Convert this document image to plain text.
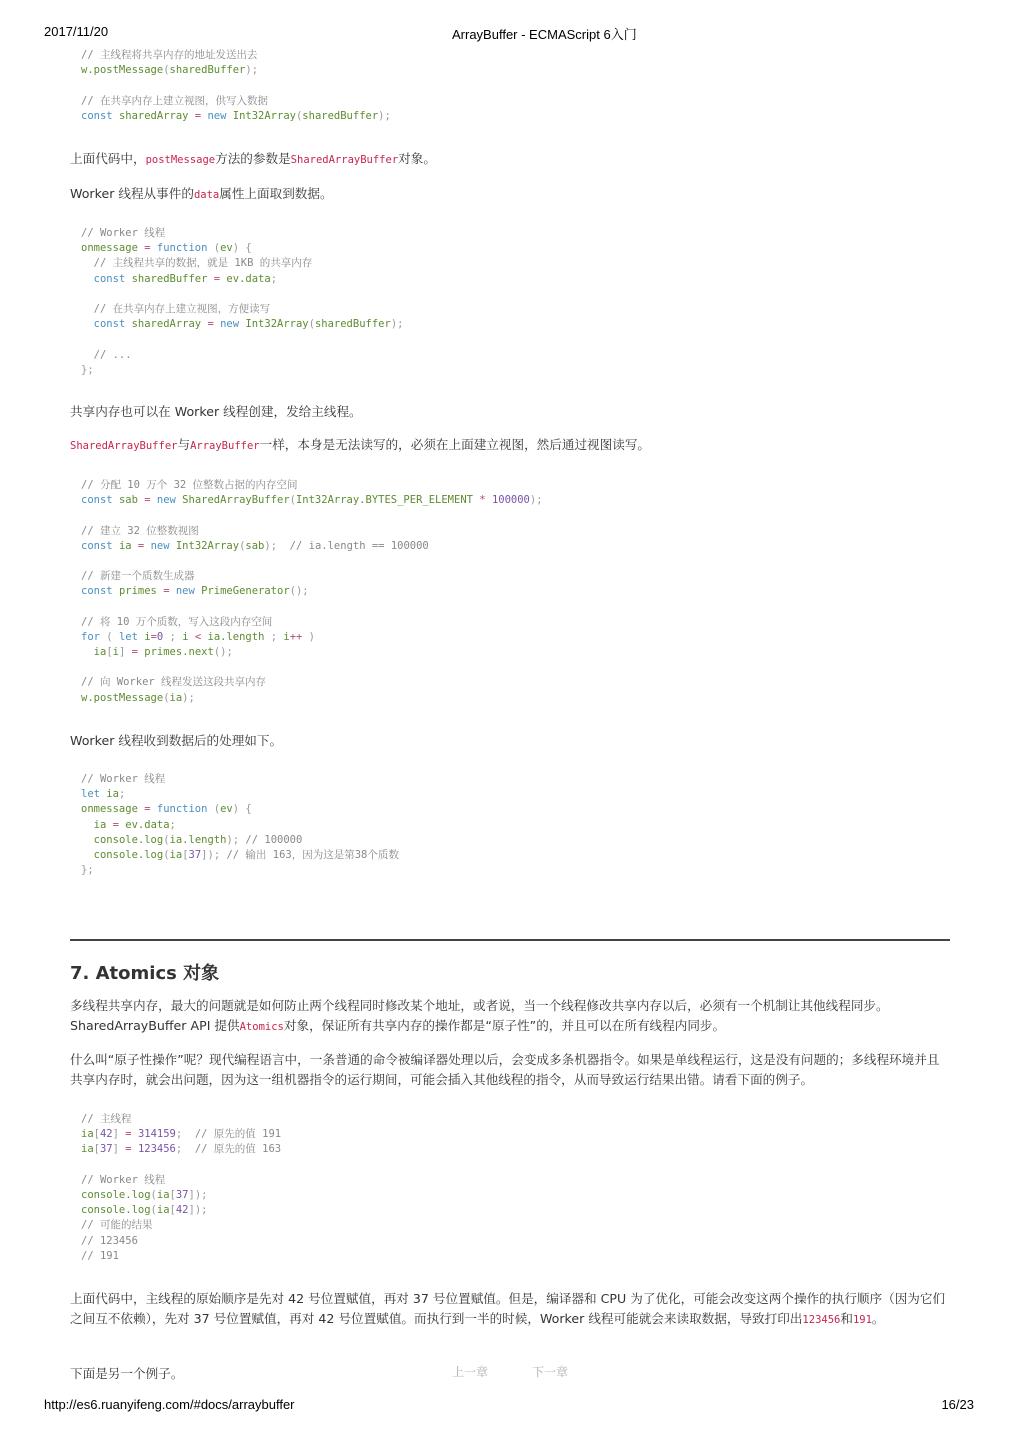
2017/11/20	ArrayBuffer - ECMAScript 6入门
// 主线程将共享内存的地址发送出去
w.postMessage(sharedBuffer);
// 在共享内存上建立视图，供写入数据
const sharedArray = new Int32Array(sharedBuffer);

上面代码中，postMessage方法的参数是SharedArrayBuffer对象。

Worker 线程从事件的data属性上面取到数据。

// Worker 线程
onmessage = function (ev) {
// 主线程共享的数据，就是 1KB 的共享内存
const sharedBuffer = ev.data;
// 在共享内存上建立视图，方便读写
const sharedArray = new Int32Array(sharedBuffer);
// ...
};

共享内存也可以在 Worker 线程创建，发给主线程。

SharedArrayBuffer与ArrayBuffer一样，本身是无法读写的，必须在上面建立视图，然后通过视图读写。

// 分配 10 万个 32 位整数占据的内存空间
const sab = new SharedArrayBuffer(Int32Array.BYTES_PER_ELEMENT * 100000);
// 建立 32 位整数视图
const ia = new Int32Array(sab);  // ia.length == 100000
// 新建一个质数生成器
const primes = new PrimeGenerator();
// 将 10 万个质数，写入这段内存空间
for ( let i=0 ; i < ia.length ; i++ )
ia[i] = primes.next();
// 向 Worker 线程发送这段共享内存
w.postMessage(ia);

Worker 线程收到数据后的处理如下。

// Worker 线程
let ia;
onmessage = function (ev) {
ia = ev.data;
console.log(ia.length); // 100000
console.log(ia[37]); // 输出 163，因为这是第38个质数
};
7. Atomics 对象

多线程共享内存，最大的问题就是如何防止两个线程同时修改某个地址，或者说，当一个线程修改共享内存以后，必须有一个机制让其他线程同步。SharedArrayBuffer API 提供Atomics对象，保证所有共享内存的操作都是“原子性”的，并且可以在所有线程内同步。

什么叫“原子性操作”呢？现代编程语言中，一条普通的命令被编译器处理以后，会变成多条机器指令。如果是单线程运行，这是没有问题的；多线程环境并且共享内存时，就会出问题，因为这一组机器指令的运行期间，可能会插入其他线程的指令，从而导致运行结果出错。请看下面的例子。

// 主线程
ia[42] = 314159;  // 原先的值 191
ia[37] = 123456;  // 原先的值 163
// Worker 线程
console.log(ia[37]);
console.log(ia[42]);
// 可能的结果
// 123456
// 191

上面代码中，主线程的原始顺序是先对 42 号位置赋值，再对 37 号位置赋值。但是，编译器和 CPU 为了优化，可能会改变这两个操作的执行顺序（因为它们之间互不依赖），先对 37 号位置赋值，再对 42 号位置赋值。而执行到一半的时候，Worker 线程可能就会来读取数据，导致打印出123456和191。

下面是另一个例子。	上一章	下一章
http://es6.ruanyifeng.com/#docs/arraybuffer	16/23
